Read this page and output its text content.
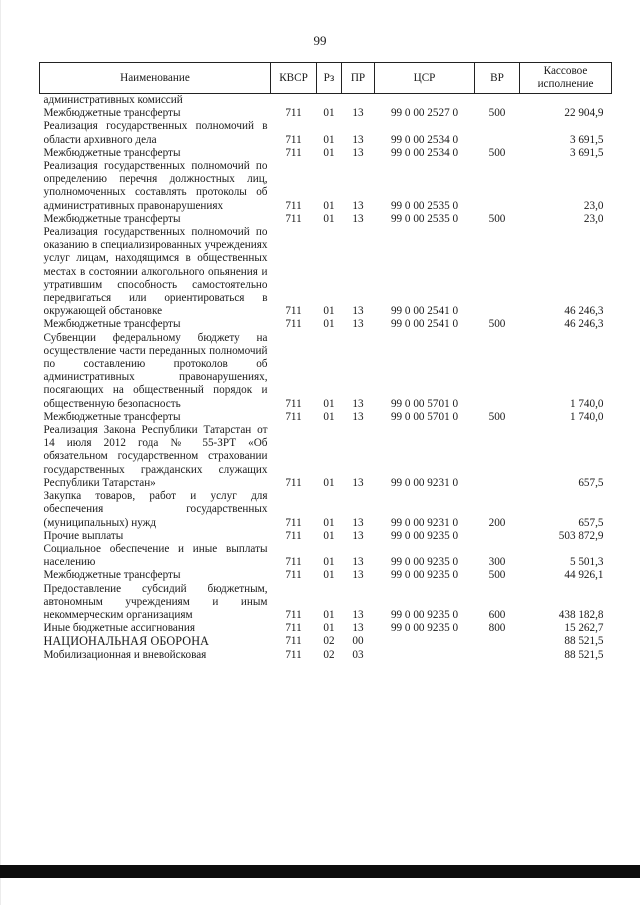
99
Наименование	КВСР	Рз	ПР	ЦСР	ВР	Кассовое исполнение
административных комиссий						
Межбюджетные трансферты	711	01	13	99 0 00 2527 0	500	22 904,9
Реализация государственных полномочий в области архивного дела	711	01	13	99 0 00 2534 0		3 691,5
Межбюджетные трансферты	711	01	13	99 0 00 2534 0	500	3 691,5
Реализация государственных полномочий по определению перечня должностных лиц, уполномоченных составлять протоколы об административных правонарушениях	711	01	13	99 0 00 2535 0		23,0
Межбюджетные трансферты	711	01	13	99 0 00 2535 0	500	23,0
Реализация государственных полномочий по оказанию в специализированных учреждениях услуг лицам, находящимся в общественных местах в состоянии алкогольного опьянения и утратившим способность самостоятельно передвигаться или ориентироваться в окружающей обстановке	711	01	13	99 0 00 2541 0		46 246,3
Межбюджетные трансферты	711	01	13	99 0 00 2541 0	500	46 246,3
Субвенции федеральному бюджету на осуществление части переданных полномочий по составлению протоколов об административных правонарушениях, посягающих на общественный порядок и общественную безопасность	711	01	13	99 0 00 5701 0		1 740,0
Межбюджетные трансферты	711	01	13	99 0 00 5701 0	500	1 740,0
Реализация Закона Республики Татарстан от 14 июля 2012 года № 55-ЗРТ «Об обязательном государственном страховании государственных гражданских служащих Республики Татарстан»	711	01	13	99 0 00 9231 0		657,5
Закупка товаров, работ и услуг для обеспечения государственных (муниципальных) нужд	711	01	13	99 0 00 9231 0	200	657,5
Прочие выплаты	711	01	13	99 0 00 9235 0		503 872,9
Социальное обеспечение и иные выплаты населению	711	01	13	99 0 00 9235 0	300	5 501,3
Межбюджетные трансферты	711	01	13	99 0 00 9235 0	500	44 926,1
Предоставление субсидий бюджетным, автономным учреждениям и иным некоммерческим организациям	711	01	13	99 0 00 9235 0	600	438 182,8
Иные бюджетные ассигнования	711	01	13	99 0 00 9235 0	800	15 262,7
НАЦИОНАЛЬНАЯ ОБОРОНА	711	02	00			88 521,5
Мобилизационная и вневойсковая	711	02	03			88 521,5
